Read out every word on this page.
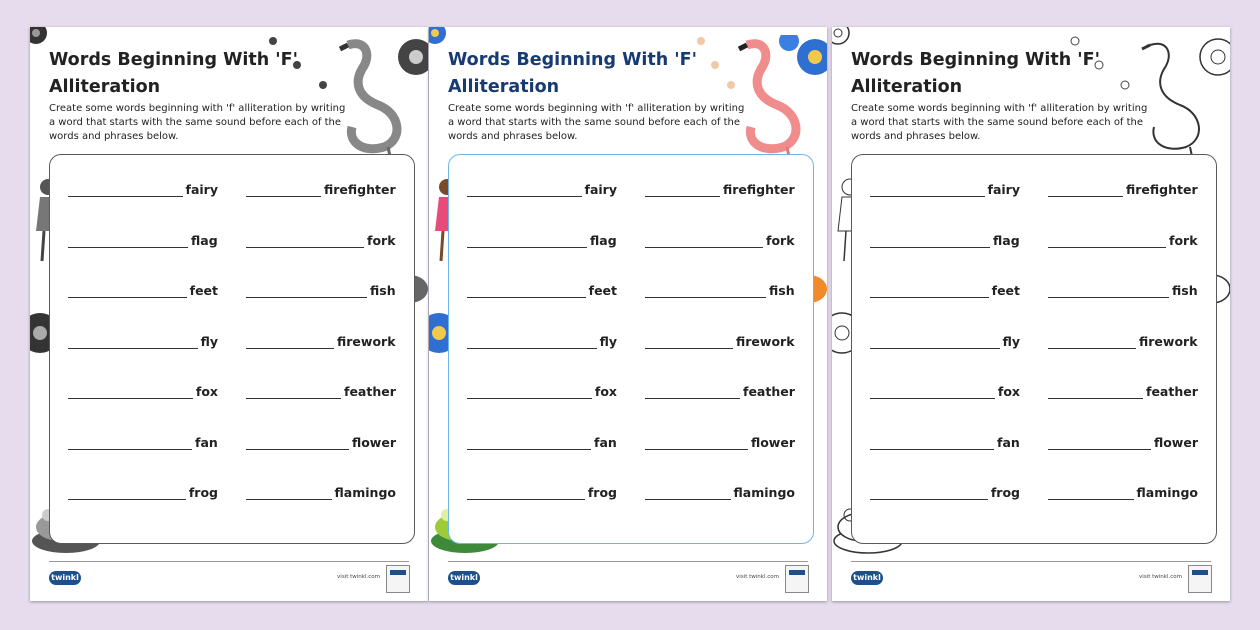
Words Beginning With 'F'
Alliteration
Create some words beginning with 'f' alliteration by writing a word that starts with the same sound before each of the words and phrases below.
fairy
flag
feet
fly
fox
fan
frog
firefighter
fork
fish
firework
feather
flower
flamingo
twinkl	visit twinkl.com
Words Beginning With 'F'
Alliteration
Create some words beginning with 'f' alliteration by writing a word that starts with the same sound before each of the words and phrases below.
fairy
flag
feet
fly
fox
fan
frog
firefighter
fork
fish
firework
feather
flower
flamingo
twinkl	visit twinkl.com
Words Beginning With 'F'
Alliteration
Create some words beginning with 'f' alliteration by writing a word that starts with the same sound before each of the words and phrases below.
fairy
flag
feet
fly
fox
fan
frog
firefighter
fork
fish
firework
feather
flower
flamingo
twinkl	visit twinkl.com
